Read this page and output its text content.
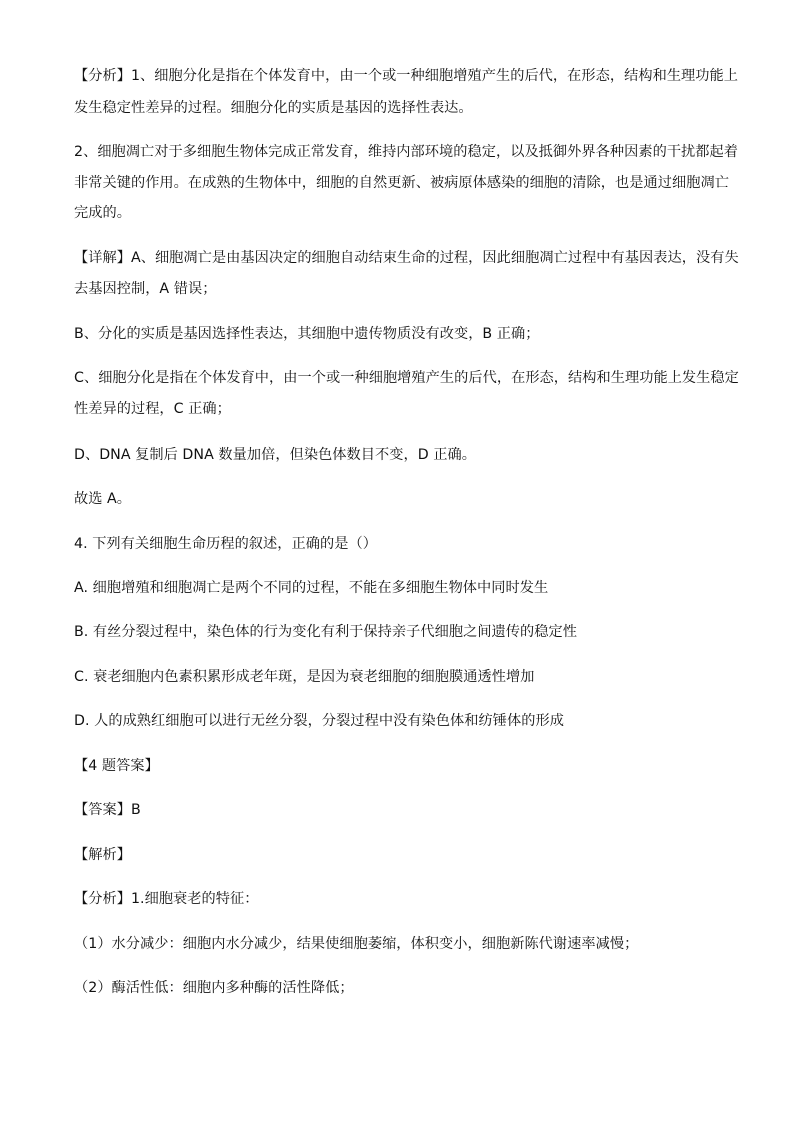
【分析】1、细胞分化是指在个体发育中，由一个或一种细胞增殖产生的后代，在形态，结构和生理功能上
发生稳定性差异的过程。细胞分化的实质是基因的选择性表达。
2、细胞凋亡对于多细胞生物体完成正常发育，维持内部环境的稳定，以及抵御外界各种因素的干扰都起着
非常关键的作用。在成熟的生物体中，细胞的自然更新、被病原体感染的细胞的清除，也是通过细胞凋亡
完成的。
【详解】A、细胞凋亡是由基因决定的细胞自动结束生命的过程，因此细胞凋亡过程中有基因表达，没有失
去基因控制，A 错误；
B、分化的实质是基因选择性表达，其细胞中遗传物质没有改变，B 正确；
C、细胞分化是指在个体发育中，由一个或一种细胞增殖产生的后代，在形态，结构和生理功能上发生稳定
性差异的过程，C 正确；
D、DNA 复制后 DNA 数量加倍，但染色体数目不变，D 正确。
故选 A。
4. 下列有关细胞生命历程的叙述，正确的是（）
A. 细胞增殖和细胞凋亡是两个不同的过程，不能在多细胞生物体中同时发生
B. 有丝分裂过程中，染色体的行为变化有利于保持亲子代细胞之间遗传的稳定性
C. 衰老细胞内色素积累形成老年斑，是因为衰老细胞的细胞膜通透性增加
D. 人的成熟红细胞可以进行无丝分裂，分裂过程中没有染色体和纺锤体的形成
【4 题答案】
【答案】B
【解析】
【分析】1.细胞衰老的特征：
（1）水分减少：细胞内水分减少，结果使细胞萎缩，体积变小，细胞新陈代谢速率减慢；
（2）酶活性低：细胞内多种酶的活性降低；
